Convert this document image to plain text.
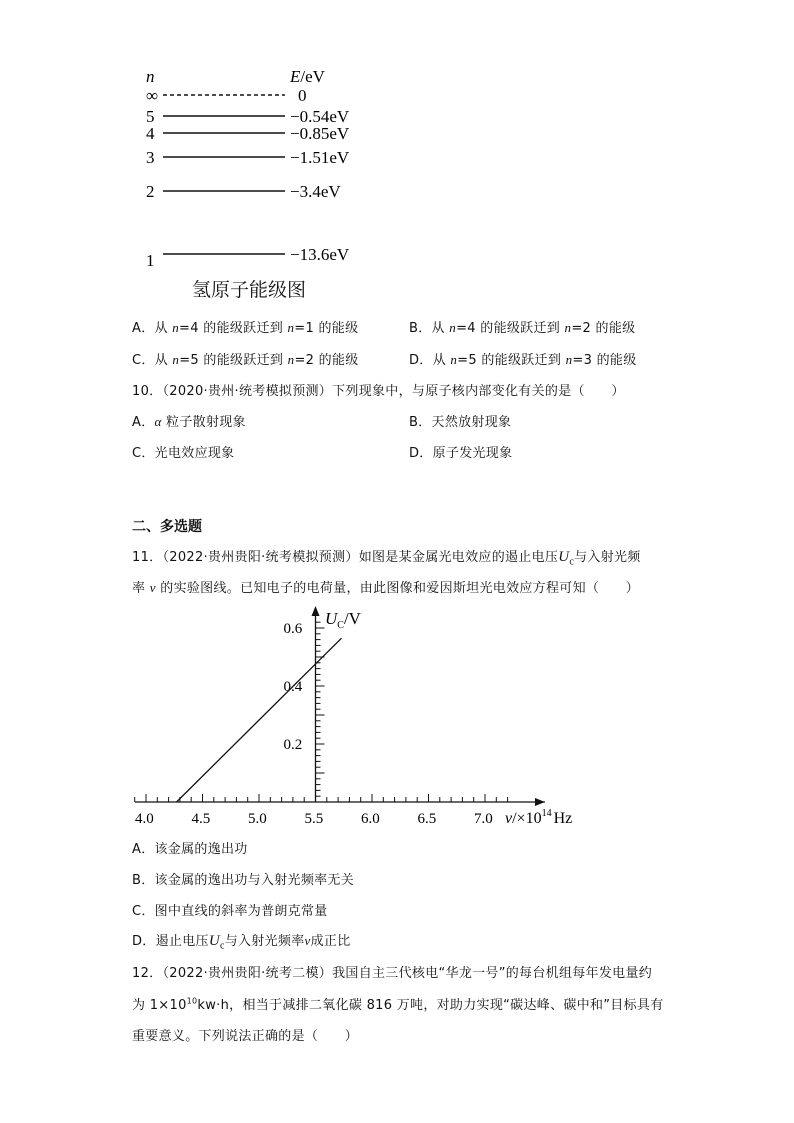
∞	0
5	−0.54eV
4	−0.85eV
3	−1.51eV
2	−3.4eV
1	−13.6eV
n	E/eV
氢原子能级图
A．从 n=4 的能级跃迁到 n=1 的能级	B．从 n=4 的能级跃迁到 n=2 的能级
C．从 n=5 的能级跃迁到 n=2 的能级	D．从 n=5 的能级跃迁到 n=3 的能级
10．（2020·贵州·统考模拟预测）下列现象中，与原子核内部变化有关的是（　　）
A．α 粒子散射现象	B．天然放射现象
C．光电效应现象	D．原子发光现象
二、多选题
11．（2022·贵州贵阳·统考模拟预测）如图是某金属光电效应的遏止电压$U_c$与入射光频
率 ν 的实验图线。已知电子的电荷量，由此图像和爱因斯坦光电效应方程可知（　　）
4.0	4.5	5.0	5.5	6.0	6.5	7.0
0.2
0.4
0.6
$U_C/V$
$\nu/\times 10^{14}$ Hz
A．该金属的逸出功
B．该金属的逸出功与入射光频率无关
C．图中直线的斜率为普朗克常量
D．遏止电压$U_c$与入射光频率ν成正比
12．（2022·贵州贵阳·统考二模）我国自主三代核电“华龙一号”的每台机组每年发电量约
为 $1\times 10^{10}kw\cdot h$，相当于减排二氧化碳 816 万吨，对助力实现“碳达峰、碳中和”目标具有
重要意义。下列说法正确的是（　　）
